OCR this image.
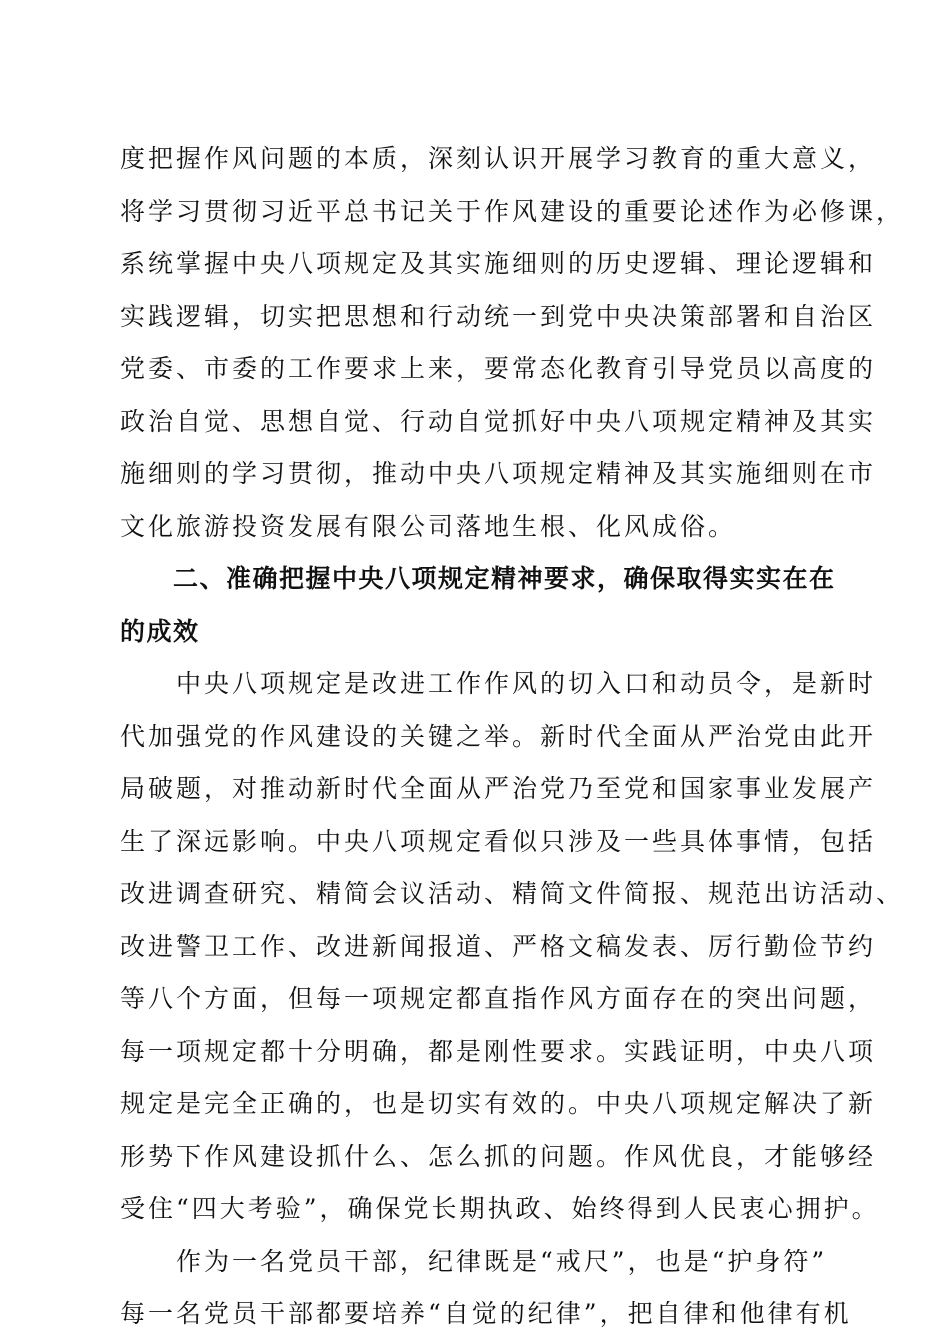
度把握作风问题的本质，深刻认识开展学习教育的重大意义，
将学习贯彻习近平总书记关于作风建设的重要论述作为必修课，
系统掌握中央八项规定及其实施细则的历史逻辑、理论逻辑和
实践逻辑，切实把思想和行动统一到党中央决策部署和自治区
党委、市委的工作要求上来，要常态化教育引导党员以高度的
政治自觉、思想自觉、行动自觉抓好中央八项规定精神及其实
施细则的学习贯彻，推动中央八项规定精神及其实施细则在市
文化旅游投资发展有限公司落地生根、化风成俗。
　　二、准确把握中央八项规定精神要求，确保取得实实在在
的成效
　　中央八项规定是改进工作作风的切入口和动员令，是新时
代加强党的作风建设的关键之举。新时代全面从严治党由此开
局破题，对推动新时代全面从严治党乃至党和国家事业发展产
生了深远影响。中央八项规定看似只涉及一些具体事情，包括
改进调查研究、精简会议活动、精简文件简报、规范出访活动、
改进警卫工作、改进新闻报道、严格文稿发表、厉行勤俭节约
等八个方面，但每一项规定都直指作风方面存在的突出问题，
每一项规定都十分明确，都是刚性要求。实践证明，中央八项
规定是完全正确的，也是切实有效的。中央八项规定解决了新
形势下作风建设抓什么、怎么抓的问题。作风优良，才能够经
受住“四大考验”，确保党长期执政、始终得到人民衷心拥护。
　　作为一名党员干部，纪律既是“戒尺”，也是“护身符”
每一名党员干部都要培养“自觉的纪律”，把自律和他律有机
